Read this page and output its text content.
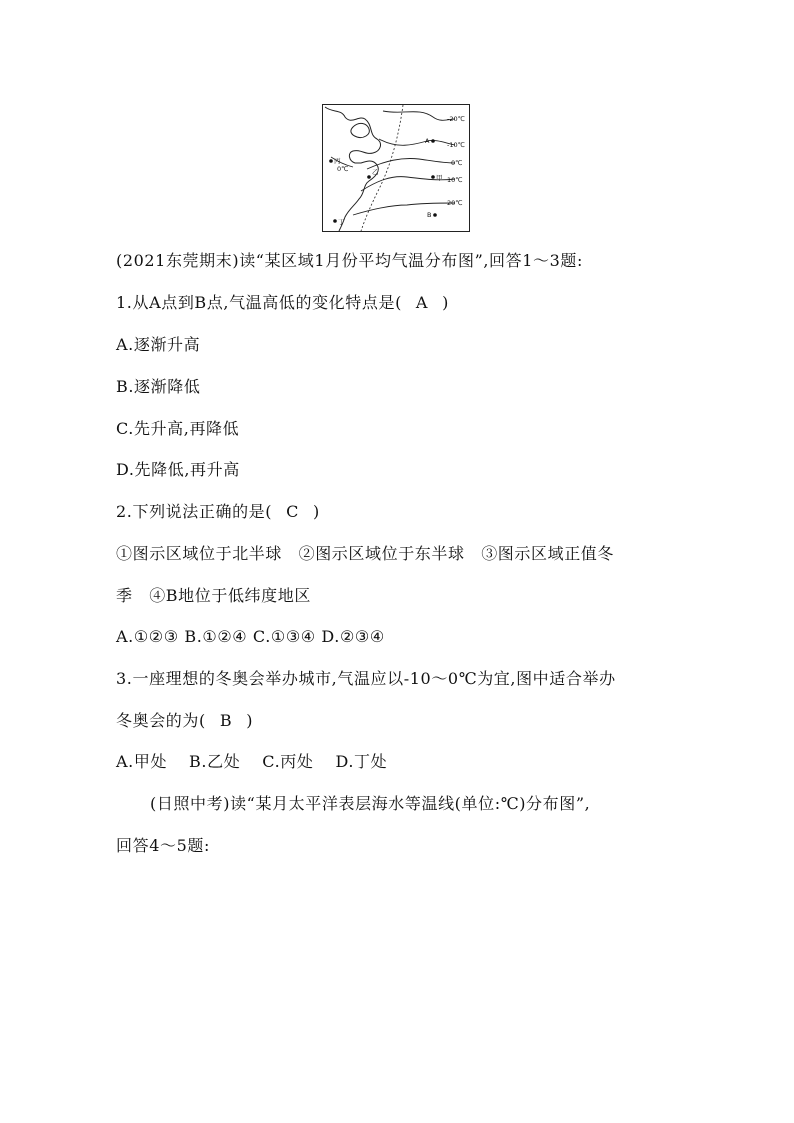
A
B
甲
乙
丙
丁
0℃
-20℃
-10℃
0℃
10℃
20℃
(2021东莞期末)读“某区域1月份平均气温分布图”,回答1～3题:
1.从A点到B点,气温高低的变化特点是( A )
A.逐渐升高
B.逐渐降低
C.先升高,再降低
D.先降低,再升高
2.下列说法正确的是( C )
①图示区域位于北半球　②图示区域位于东半球　③图示区域正值冬
季　④B地位于低纬度地区
A.①②③ B.①②④ C.①③④ D.②③④
3.一座理想的冬奥会举办城市,气温应以-10～0℃为宜,图中适合举办
冬奥会的为( B )
A.甲处 B.乙处 C.丙处 D.丁处
(日照中考)读“某月太平洋表层海水等温线(单位:℃)分布图”,
回答4～5题:
